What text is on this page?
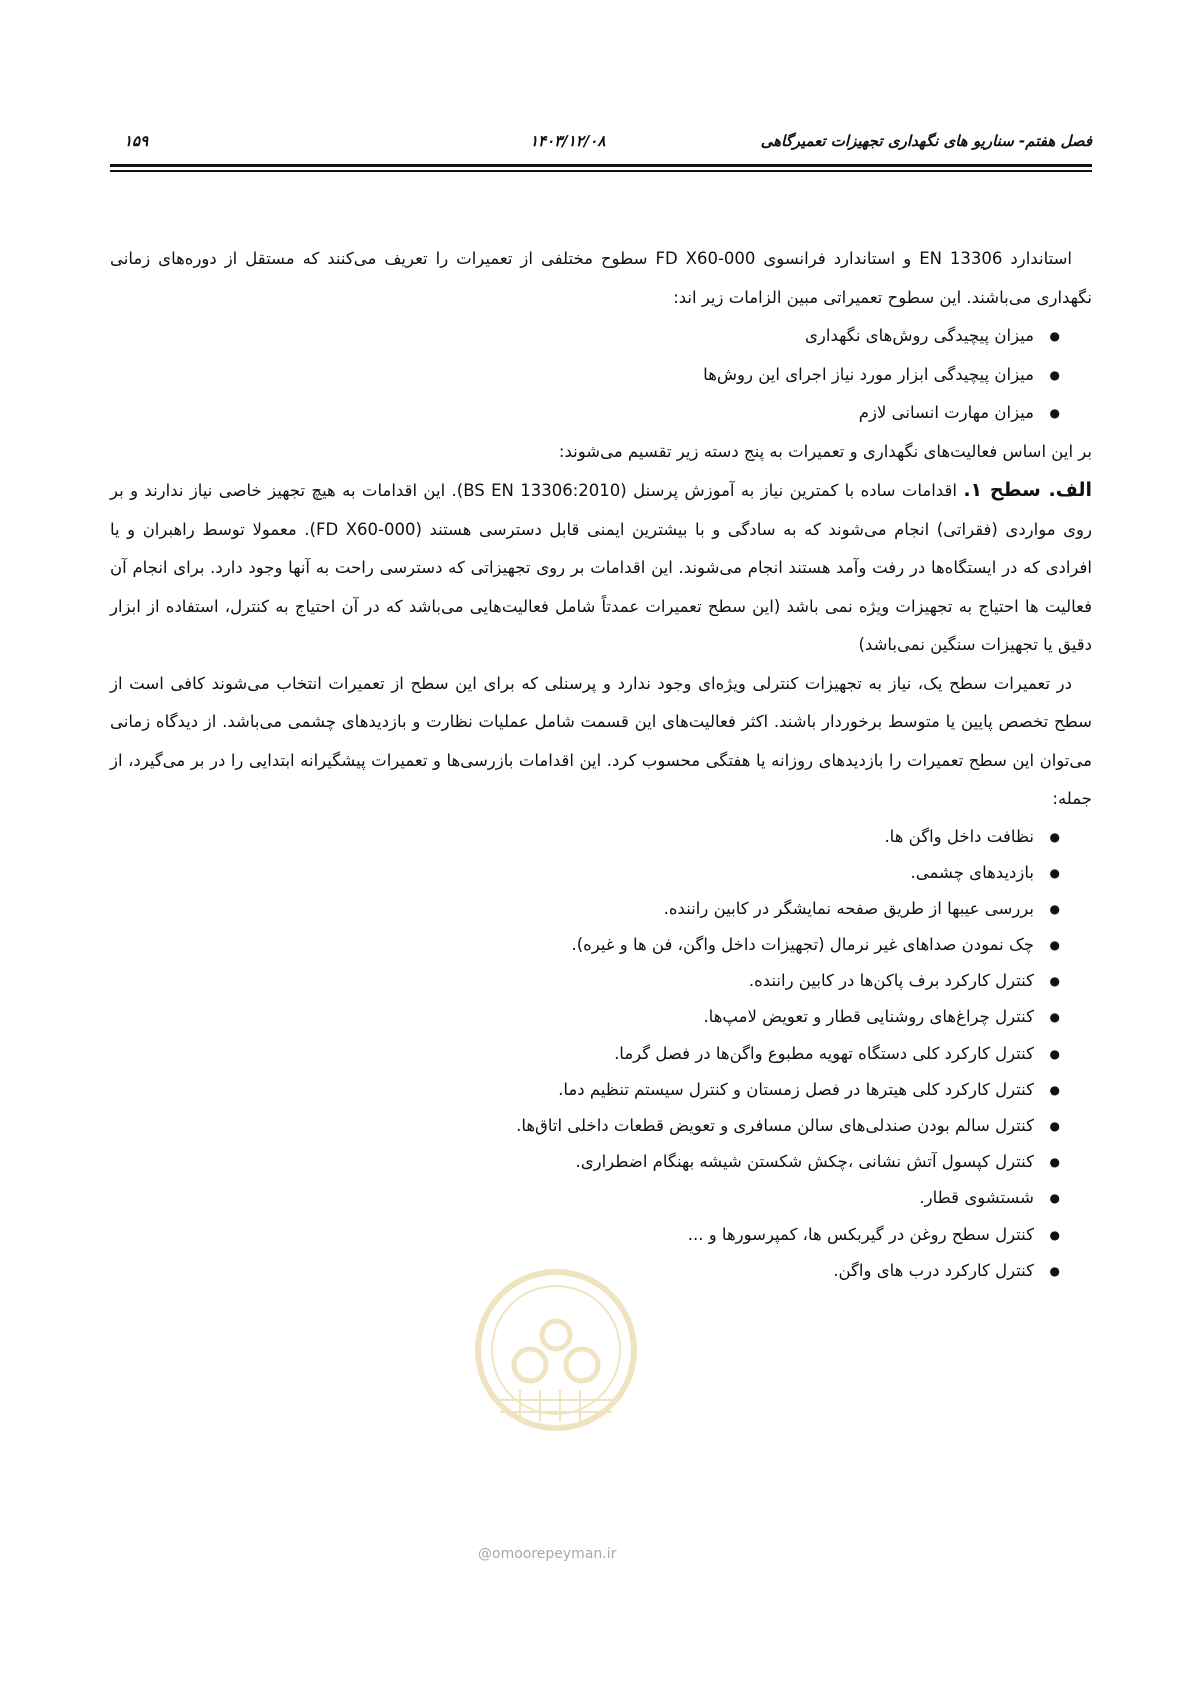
فصل هفتم- سناریو های نگهداری تجهیزات تعمیرگاهی
۱۴۰۳/۱۲/۰۸
۱۵۹

استاندارد EN 13306 و استاندارد فرانسوی FD X60-000 سطوح مختلفی از تعمیرات را تعریف می‌کنند که مستقل از دوره‌های زمانی نگهداری می‌باشند. این سطوح تعمیراتی مبین الزامات زیر اند:

●
میزان پیچیدگی روش‌های نگهداری
●
میزان پیچیدگی ابزار مورد نیاز اجرای این روش‌ها
●
میزان مهارت انسانی لازم

بر این اساس فعالیت‌های نگهداری و تعمیرات به پنج دسته زیر تقسیم می‌شوند:

الف. سطح ۱. اقدامات ساده با کمترین نیاز به آموزش پرسنل (BS EN 13306:2010). این اقدامات به هیچ تجهیز خاصی نیاز ندارند و بر روی مواردی (فقراتی) انجام می‌شوند که به سادگی و با بیشترین ایمنی قابل دسترسی هستند (FD X60-000). معمولا توسط راهبران و یا افرادی که در ایستگاه‌ها در رفت وآمد هستند انجام می‌شوند. این اقدامات بر روی تجهیزاتی که دسترسی راحت به آنها وجود دارد. برای انجام آن فعالیت ها احتیاج به تجهیزات ویژه نمی باشد (این سطح تعمیرات عمدتاً شامل فعالیت‌هایی می‌باشد که در آن احتیاج به کنترل، استفاده از ابزار دقیق یا تجهیزات سنگین نمی‌باشد)

در تعمیرات سطح یک، نیاز به تجهیزات کنترلی ویژه‌ای وجود ندارد و پرسنلی که برای این سطح از تعمیرات انتخاب می‌شوند کافی است از سطح تخصص پایین یا متوسط برخوردار باشند. اکثر فعالیت‌های این قسمت شامل عملیات نظارت و بازدیدهای چشمی می‌باشد. از دیدگاه زمانی می‌توان این سطح تعمیرات را بازدیدهای روزانه یا هفتگی محسوب کرد. این اقدامات بازرسی‌ها و تعمیرات پیشگیرانه ابتدایی را در بر می‌گیرد، از جمله:

●
نظافت داخل واگن ها.
●
بازدیدهای چشمی.
●
بررسی عیبها از طریق صفحه نمایشگر در کابین راننده.
●
چک نمودن صداهای غیر نرمال (تجهیزات داخل واگن، فن ها و غیره).
●
کنترل کارکرد برف پاکن‌ها در کابین راننده.
●
کنترل چراغ‌های روشنایی قطار و تعویض لامپ‌ها.
●
کنترل کارکرد کلی دستگاه تهویه مطبوع واگن‌ها در فصل گرما.
●
کنترل کارکرد کلی هیترها در فصل زمستان و کنترل سیستم تنظیم دما.
●
کنترل سالم بودن صندلی‌های سالن مسافری و تعویض قطعات داخلی اتاق‌ها.
●
کنترل کپسول آتش نشانی ،چکش شکستن شیشه بهنگام اضطراری.
●
شستشوی قطار.
●
کنترل سطح روغن در گیربکس ها، کمپرسورها و ...
●
کنترل کارکرد درب های واگن.
@omoorepeyman.ir
